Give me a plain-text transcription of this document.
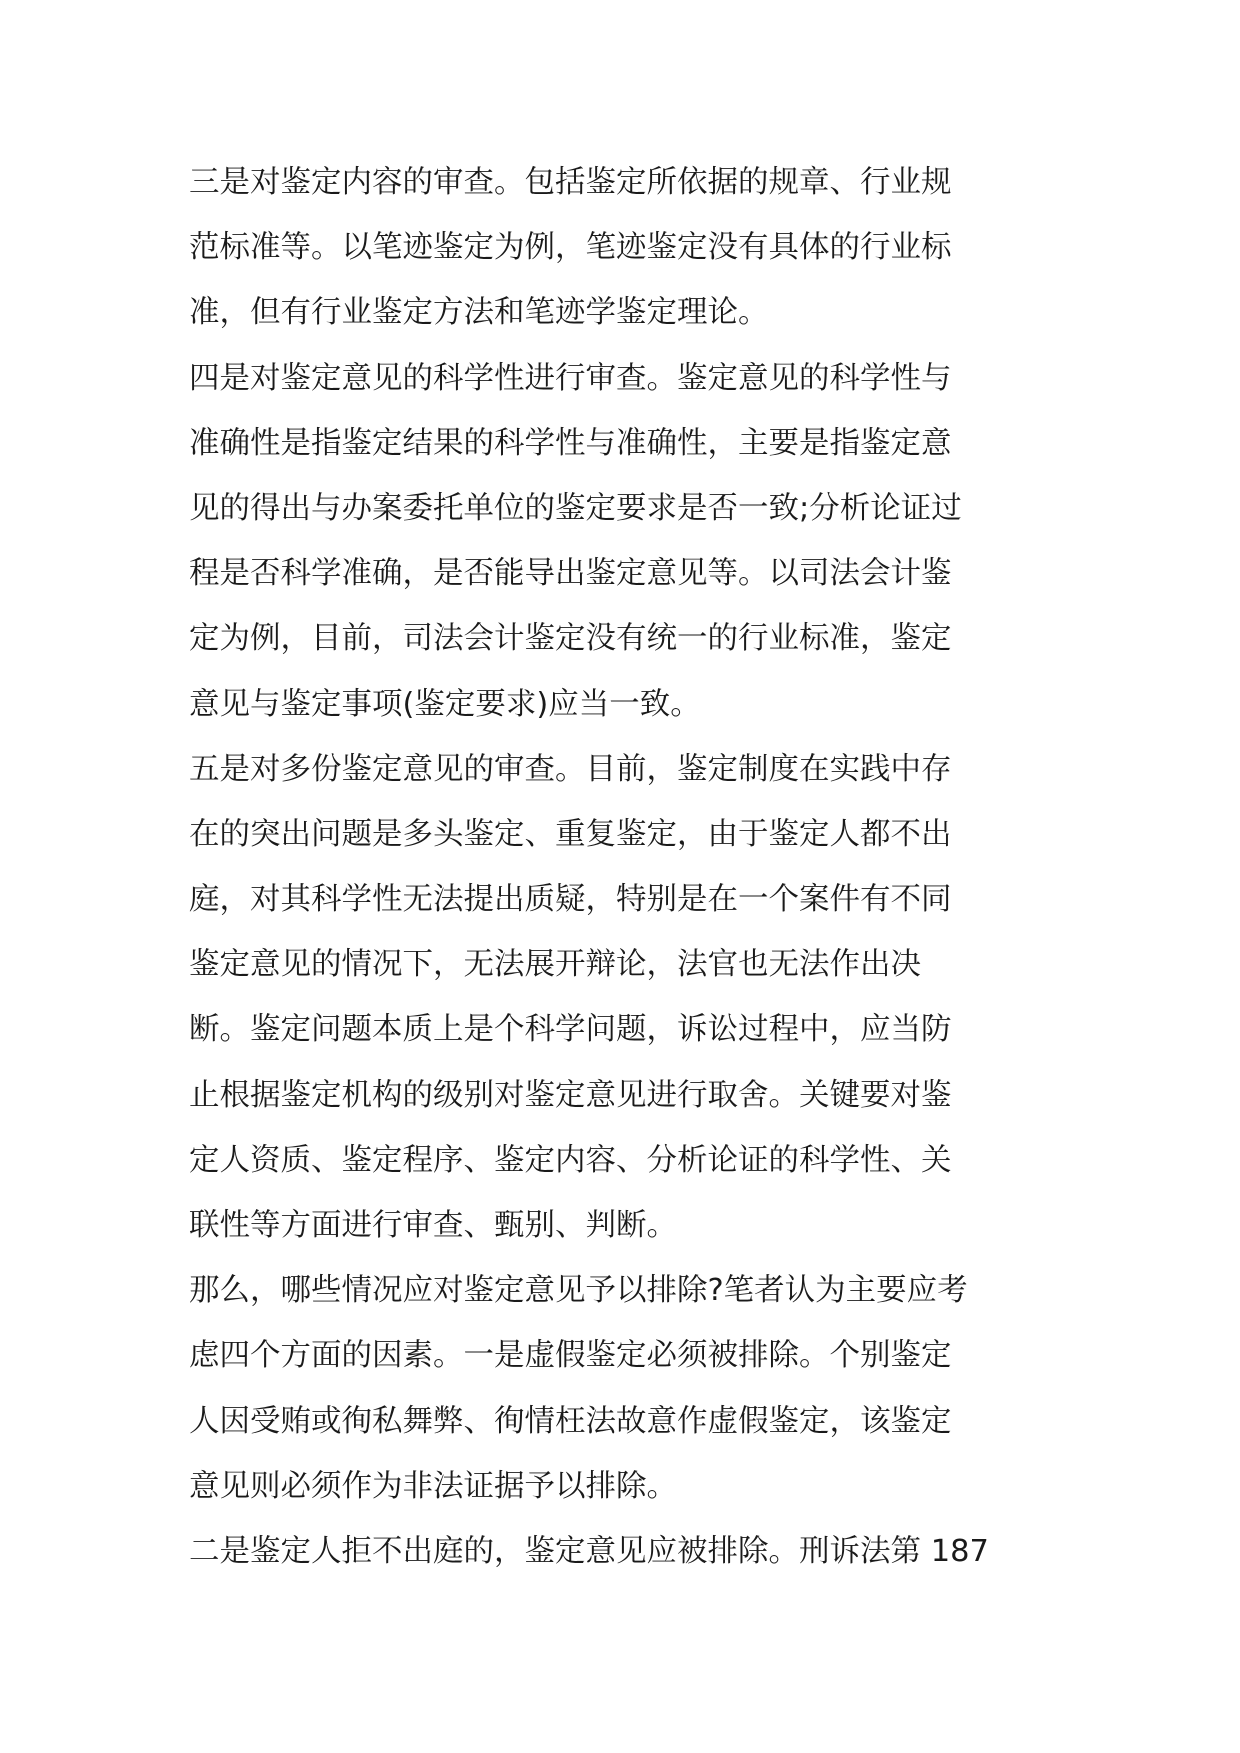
三是对鉴定内容的审查。包括鉴定所依据的规章、行业规
范标准等。以笔迹鉴定为例，笔迹鉴定没有具体的行业标
准，但有行业鉴定方法和笔迹学鉴定理论。
四是对鉴定意见的科学性进行审查。鉴定意见的科学性与
准确性是指鉴定结果的科学性与准确性，主要是指鉴定意
见的得出与办案委托单位的鉴定要求是否一致;分析论证过
程是否科学准确，是否能导出鉴定意见等。以司法会计鉴
定为例，目前，司法会计鉴定没有统一的行业标准，鉴定
意见与鉴定事项(鉴定要求)应当一致。
五是对多份鉴定意见的审查。目前，鉴定制度在实践中存
在的突出问题是多头鉴定、重复鉴定，由于鉴定人都不出
庭，对其科学性无法提出质疑，特别是在一个案件有不同
鉴定意见的情况下，无法展开辩论，法官也无法作出决
断。鉴定问题本质上是个科学问题，诉讼过程中，应当防
止根据鉴定机构的级别对鉴定意见进行取舍。关键要对鉴
定人资质、鉴定程序、鉴定内容、分析论证的科学性、关
联性等方面进行审查、甄别、判断。
那么，哪些情况应对鉴定意见予以排除?笔者认为主要应考
虑四个方面的因素。一是虚假鉴定必须被排除。个别鉴定
人因受贿或徇私舞弊、徇情枉法故意作虚假鉴定，该鉴定
意见则必须作为非法证据予以排除。
二是鉴定人拒不出庭的，鉴定意见应被排除。刑诉法第 187
